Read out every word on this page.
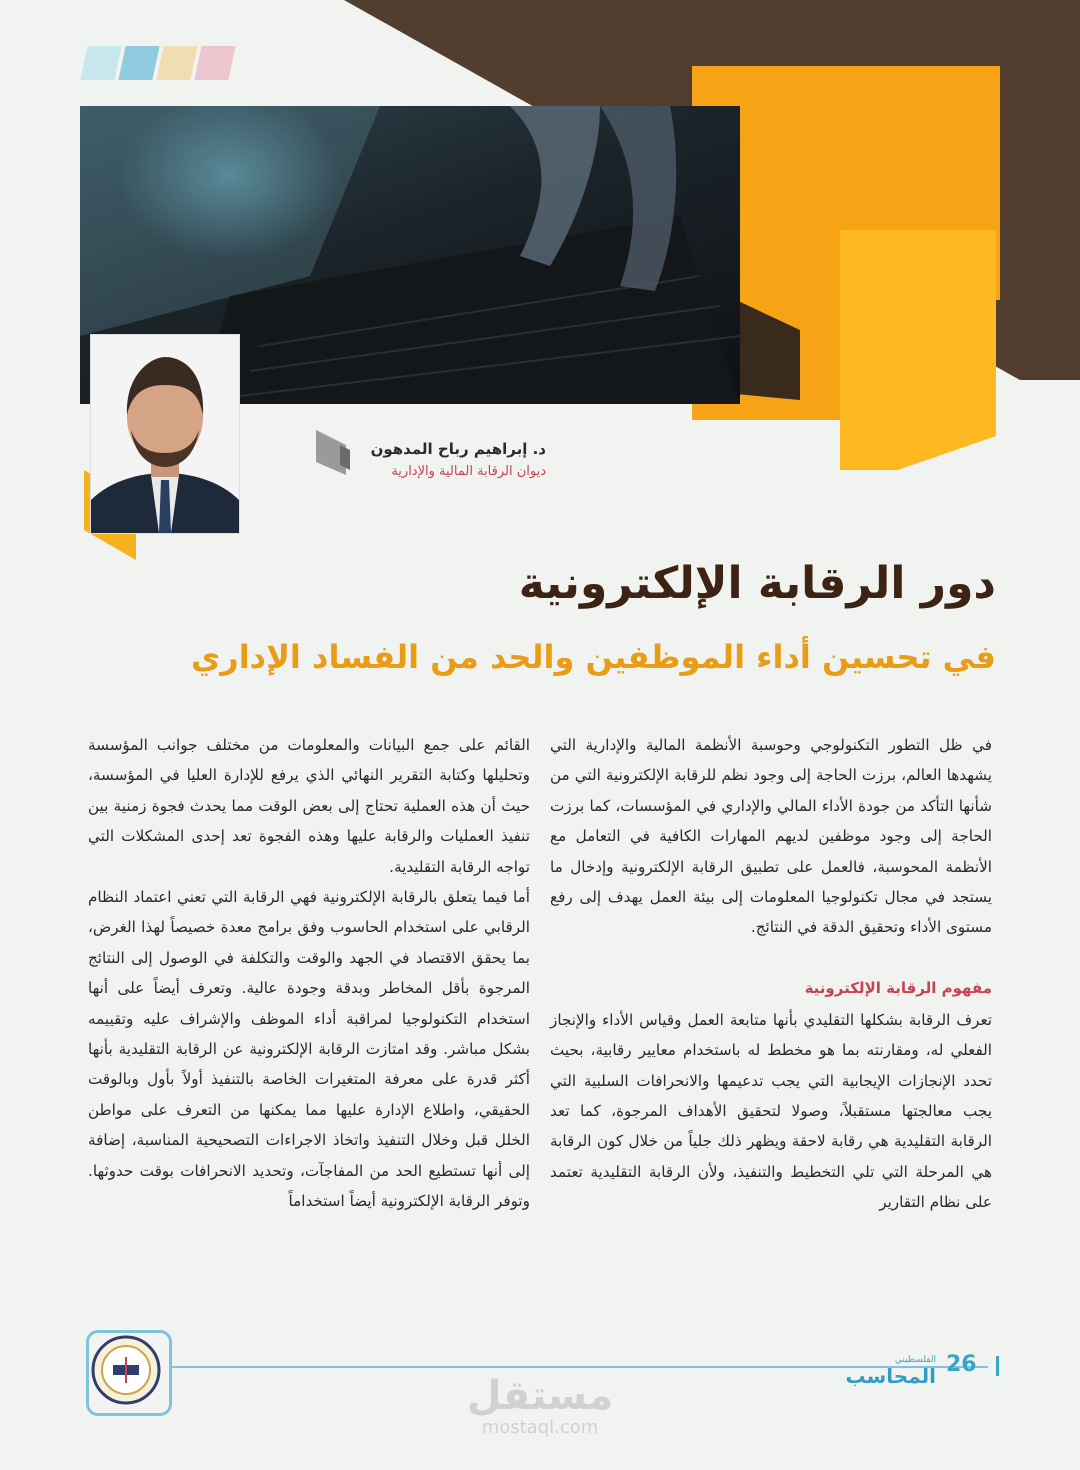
د. إبراهيم رباح المدهون
ديوان الرقابة المالية والإدارية
دور الرقابة الإلكترونية
في تحسين أداء الموظفين والحد من الفساد الإداري

في ظل التطور التكنولوجي وحوسبة الأنظمة المالية والإدارية التي يشهدها العالم، برزت الحاجة إلى وجود نظم للرقابة الإلكترونية التي من شأنها التأكد من جودة الأداء المالي والإداري في المؤسسات، كما برزت الحاجة إلى وجود موظفين لديهم المهارات الكافية في التعامل مع الأنظمة المحوسبة، فالعمل على تطبيق الرقابة الإلكترونية وإدخال ما يستجد في مجال تكنولوجيا المعلومات إلى بيئة العمل يهدف إلى رفع مستوى الأداء وتحقيق الدقة في النتائج.

مفهوم الرقابة الإلكترونية

تعرف الرقابة بشكلها التقليدي بأنها متابعة العمل وقياس الأداء والإنجاز الفعلي له، ومقارنته بما هو مخطط له باستخدام معايير رقابية، بحيث تحدد الإنجازات الإيجابية التي يجب تدعيمها والانحرافات السلبية التي يجب معالجتها مستقبلاً، وصولا لتحقيق الأهداف المرجوة، كما تعد الرقابة التقليدية هي رقابة لاحقة ويظهر ذلك جلياً من خلال كون الرقابة هي المرحلة التي تلي التخطيط والتنفيذ، ولأن الرقابة التقليدية تعتمد على نظام التقارير

القائم على جمع البيانات والمعلومات من مختلف جوانب المؤسسة وتحليلها وكتابة التقرير النهائي الذي يرفع للإدارة العليا في المؤسسة، حيث أن هذه العملية تحتاج إلى بعض الوقت مما يحدث فجوة زمنية بين تنفيذ العمليات والرقابة عليها وهذه الفجوة تعد إحدى المشكلات التي تواجه الرقابة التقليدية.

أما فيما يتعلق بالرقابة الإلكترونية فهي الرقابة التي تعني اعتماد النظام الرقابي على استخدام الحاسوب وفق برامج معدة خصيصاً لهذا الغرض، بما يحقق الاقتصاد في الجهد والوقت والتكلفة في الوصول إلى النتائج المرجوة بأقل المخاطر وبدقة وجودة عالية. وتعرف أيضاً على أنها استخدام التكنولوجيا لمراقبة أداء الموظف والإشراف عليه وتقييمه بشكل مباشر. وقد امتازت الرقابة الإلكترونية عن الرقابة التقليدية بأنها أكثر قدرة على معرفة المتغيرات الخاصة بالتنفيذ أولاً بأول وبالوقت الحقيقي، واطلاع الإدارة عليها مما يمكنها من التعرف على مواطن الخلل قبل وخلال التنفيذ واتخاذ الاجراءات التصحيحية المناسبة، إضافة إلى أنها تستطيع الحد من المفاجآت، وتحديد الانحرافات بوقت حدوثها. وتوفر الرقابة الإلكترونية أيضاً استخداماً

الفلسطيني
المحاسب 26
مستقل
mostaql.com
